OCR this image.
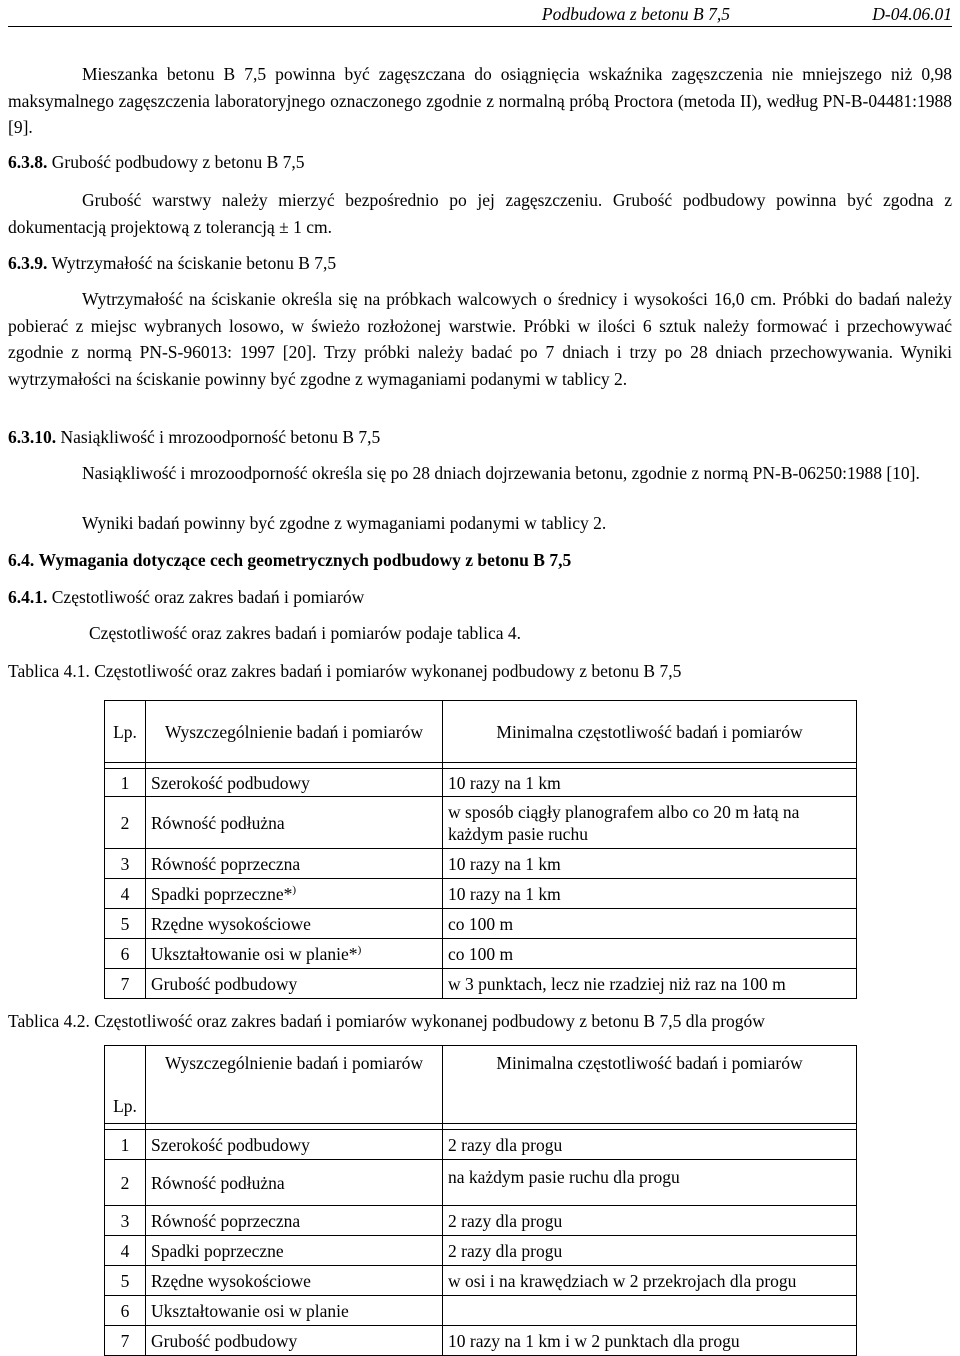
Podbudowa z betonu B 7,5	D-04.06.01

Mieszanka betonu B 7,5 powinna być zagęszczana do osiągnięcia wskaźnika zagęszczenia nie mniejszego niż 0,98 maksymalnego zagęszczenia laboratoryjnego oznaczonego zgodnie z normalną próbą Proctora (metoda II), według PN-B-04481:1988 [9].

6.3.8. Grubość podbudowy z betonu B 7,5

Grubość warstwy należy mierzyć bezpośrednio po jej zagęszczeniu. Grubość podbudowy powinna być zgodna z dokumentacją projektową z tolerancją ± 1 cm.

6.3.9. Wytrzymałość na ściskanie betonu B 7,5

Wytrzymałość na ściskanie określa się na próbkach walcowych o średnicy i wysokości 16,0 cm. Próbki do badań należy pobierać z miejsc wybranych losowo, w świeżo rozłożonej warstwie. Próbki w ilości 6 sztuk należy formować i przechowywać zgodnie z normą PN-S-96013: 1997 [20]. Trzy próbki należy badać po 7 dniach i trzy po 28 dniach przechowywania. Wyniki wytrzymałości na ściskanie powinny być zgodne z wymaganiami podanymi w tablicy 2.

6.3.10. Nasiąkliwość i mrozoodporność betonu B 7,5

Nasiąkliwość i mrozoodporność określa się po 28 dniach dojrzewania betonu, zgodnie z normą PN-B-06250:1988 [10].

Wyniki badań powinny być zgodne z wymaganiami podanymi w tablicy 2.

6.4. Wymagania dotyczące cech geometrycznych podbudowy z betonu B 7,5

6.4.1. Częstotliwość oraz zakres badań i pomiarów

Częstotliwość oraz zakres badań i pomiarów podaje tablica 4.

Tablica 4.1. Częstotliwość oraz zakres badań i pomiarów wykonanej podbudowy z betonu B 7,5

Lp.	Wyszczególnienie badań i pomiarów	Minimalna częstotliwość badań i pomiarów

1	Szerokość podbudowy	10 razy na 1 km
2	Równość podłużna	w sposób ciągły planografem albo co 20 m łatą na każdym pasie ruchu
3	Równość poprzeczna	10 razy na 1 km
4	Spadki poprzeczne*)	10 razy na 1 km
5	Rzędne wysokościowe	co 100 m
6	Ukształtowanie osi w planie*)	co 100 m
7	Grubość podbudowy	w 3 punktach, lecz nie rzadziej niż raz na 100 m

Tablica 4.2. Częstotliwość oraz zakres badań i pomiarów wykonanej podbudowy z betonu B 7,5 dla progów

Lp.	Wyszczególnienie badań i pomiarów	Minimalna częstotliwość badań i pomiarów

1	Szerokość podbudowy	2 razy dla progu
2	Równość podłużna	na każdym pasie ruchu dla progu
3	Równość poprzeczna	2 razy dla progu
4	Spadki poprzeczne	2 razy dla progu
5	Rzędne wysokościowe	w osi i na krawędziach w 2 przekrojach dla progu
6	Ukształtowanie osi w planie	
7	Grubość podbudowy	10 razy na 1 km i w 2 punktach dla progu
